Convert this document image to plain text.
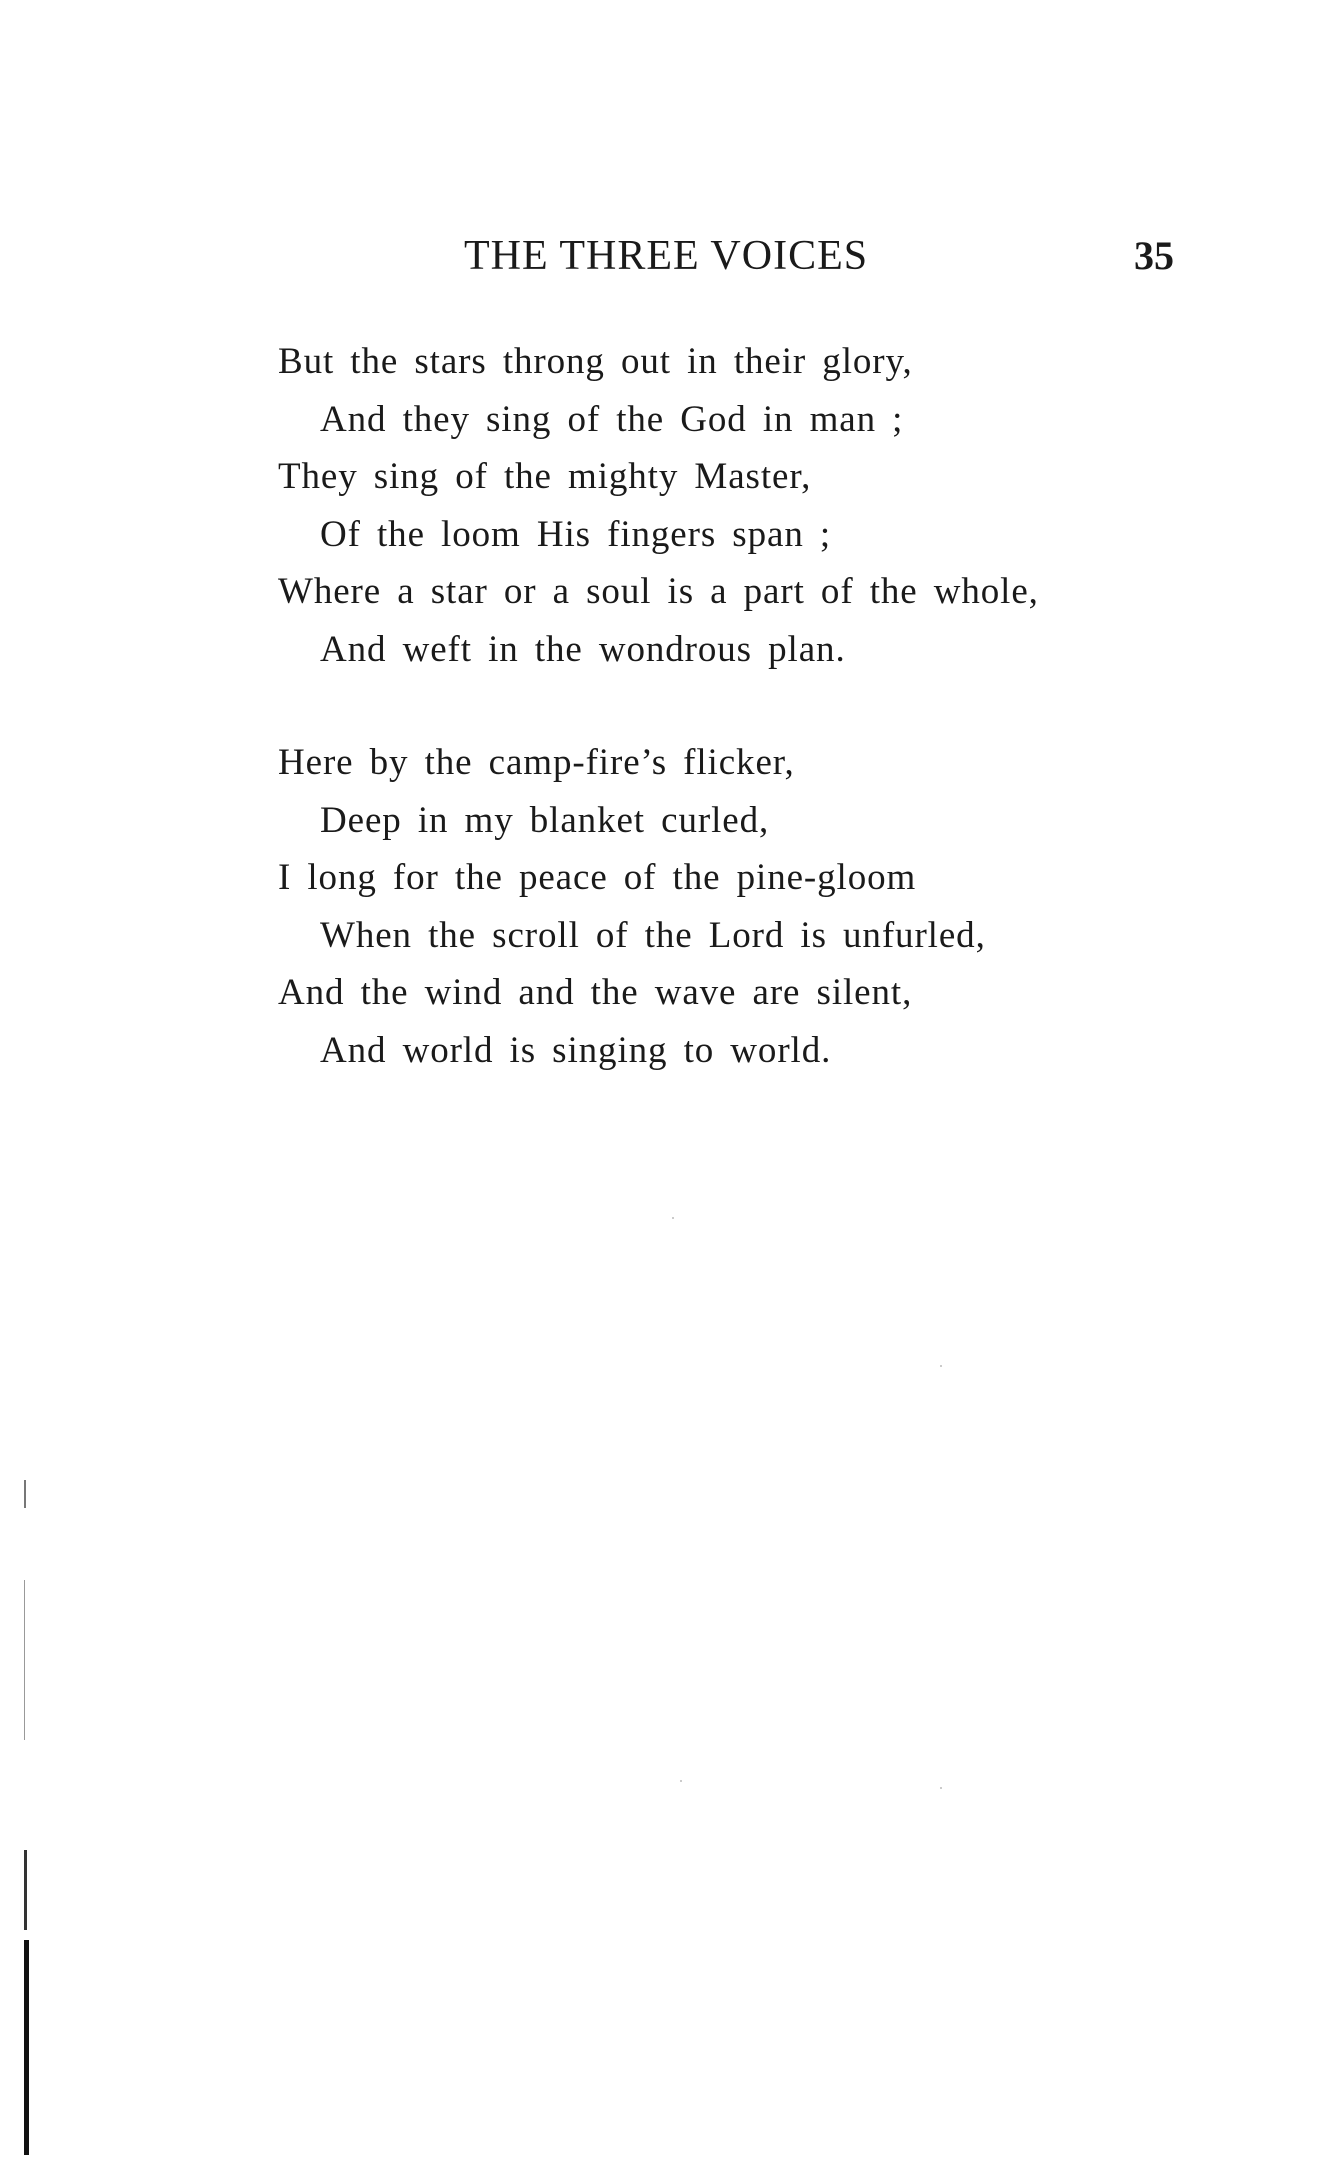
THE THREE VOICES	35
But the stars throng out in their glory,
And they sing of the God in man ;
They sing of the mighty Master,
Of the loom His fingers span ;
Where a star or a soul is a part of the whole,
And weft in the wondrous plan.
Here by the camp-fire’s flicker,
Deep in my blanket curled,
I long for the peace of the pine-gloom
When the scroll of the Lord is unfurled,
And the wind and the wave are silent,
And world is singing to world.
